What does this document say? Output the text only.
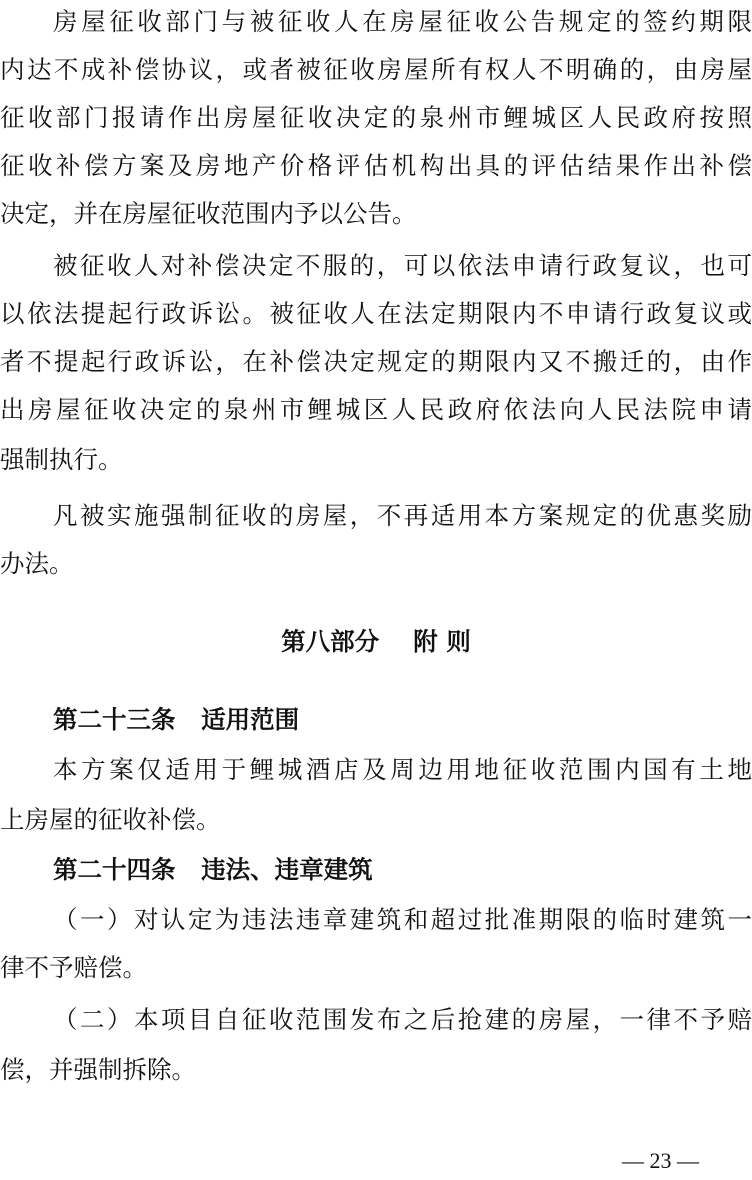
房屋征收部门与被征收人在房屋征收公告规定的签约期限
内达不成补偿协议，或者被征收房屋所有权人不明确的，由房屋
征收部门报请作出房屋征收决定的泉州市鲤城区人民政府按照
征收补偿方案及房地产价格评估机构出具的评估结果作出补偿
决定，并在房屋征收范围内予以公告。
被征收人对补偿决定不服的，可以依法申请行政复议，也可
以依法提起行政诉讼。被征收人在法定期限内不申请行政复议或
者不提起行政诉讼，在补偿决定规定的期限内又不搬迁的，由作
出房屋征收决定的泉州市鲤城区人民政府依法向人民法院申请
强制执行。
凡被实施强制征收的房屋，不再适用本方案规定的优惠奖励
办法。
第八部分    附 则
第二十三条   适用范围
本方案仅适用于鲤城酒店及周边用地征收范围内国有土地
上房屋的征收补偿。
第二十四条   违法、违章建筑
（一）对认定为违法违章建筑和超过批准期限的临时建筑一
律不予赔偿。
（二）本项目自征收范围发布之后抢建的房屋，一律不予赔
偿，并强制拆除。
— 23 —
